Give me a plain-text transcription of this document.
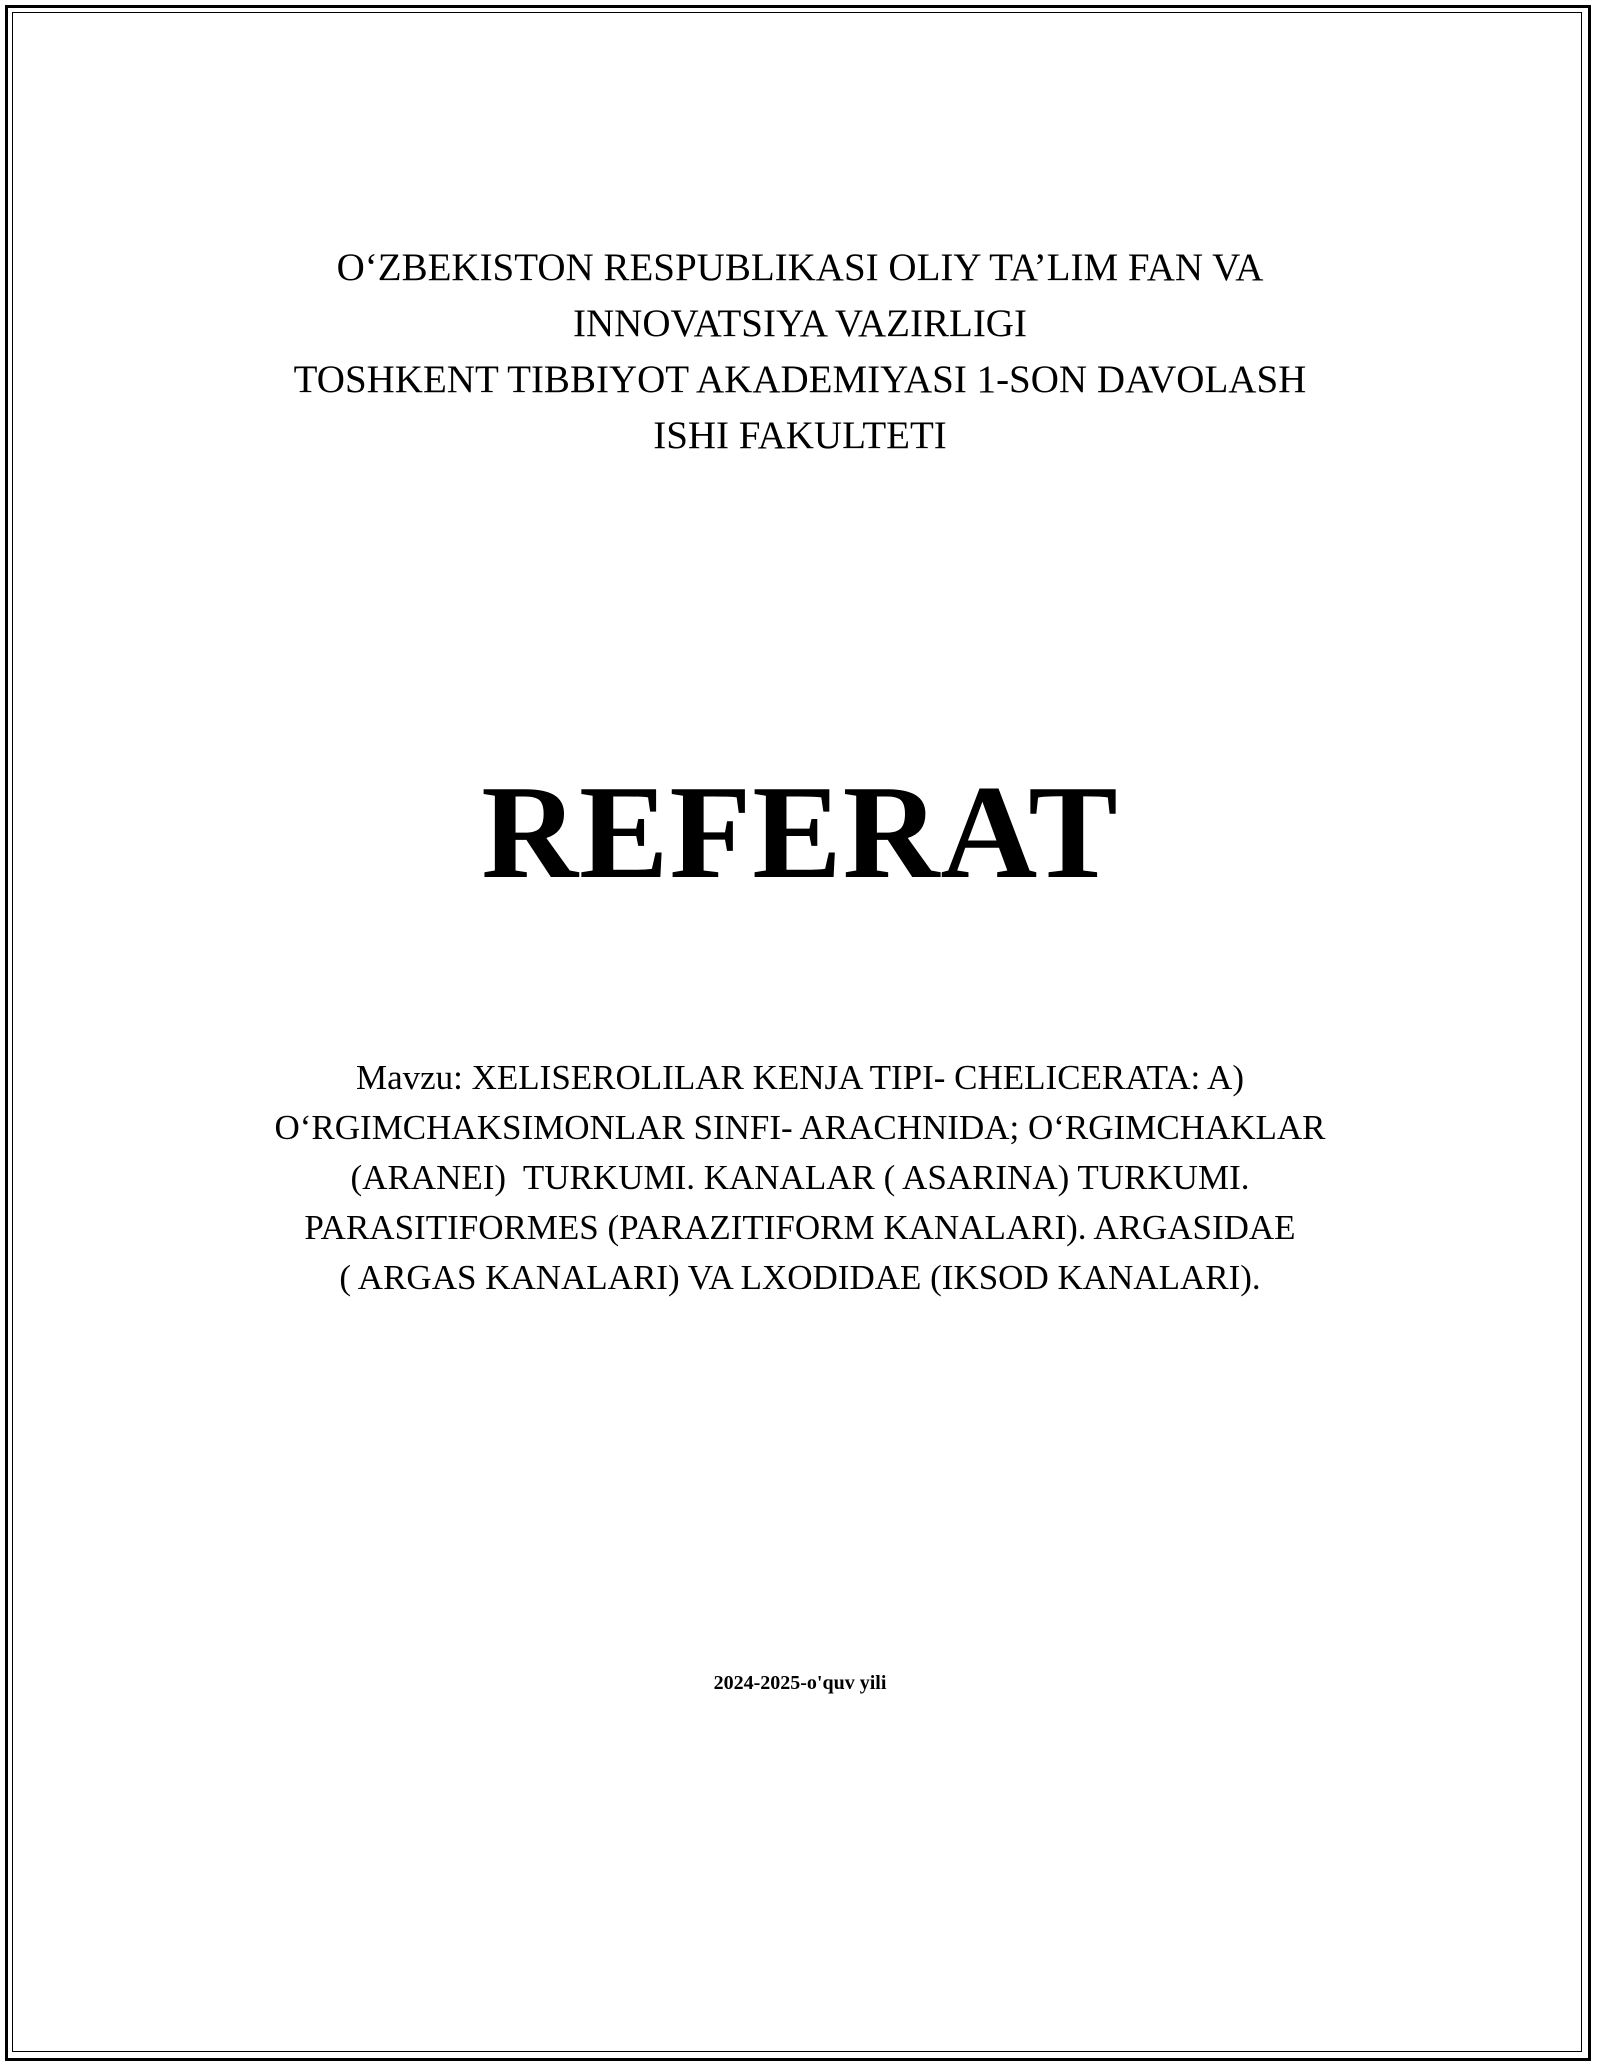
O‘ZBEKISTON RESPUBLIKASI OLIY TA’LIM FAN VA
INNOVATSIYA VAZIRLIGI
TOSHKENT TIBBIYOT AKADEMIYASI 1-SON DAVOLASH
ISHI FAKULTETI
REFERAT
Mavzu: XELISEROLILAR KENJA TIPI- CHELICERATA: A)
O‘RGIMCHAKSIMONLAR SINFI- ARACHNIDA; O‘RGIMCHAKLAR
(ARANEI)  TURKUMI. KANALAR ( ASARINA) TURKUMI.
PARASITIFORMES (PARAZITIFORM KANALARI). ARGASIDAE
( ARGAS KANALARI) VA LXODIDAE (IKSOD KANALARI).
2024-2025-o'quv yili
